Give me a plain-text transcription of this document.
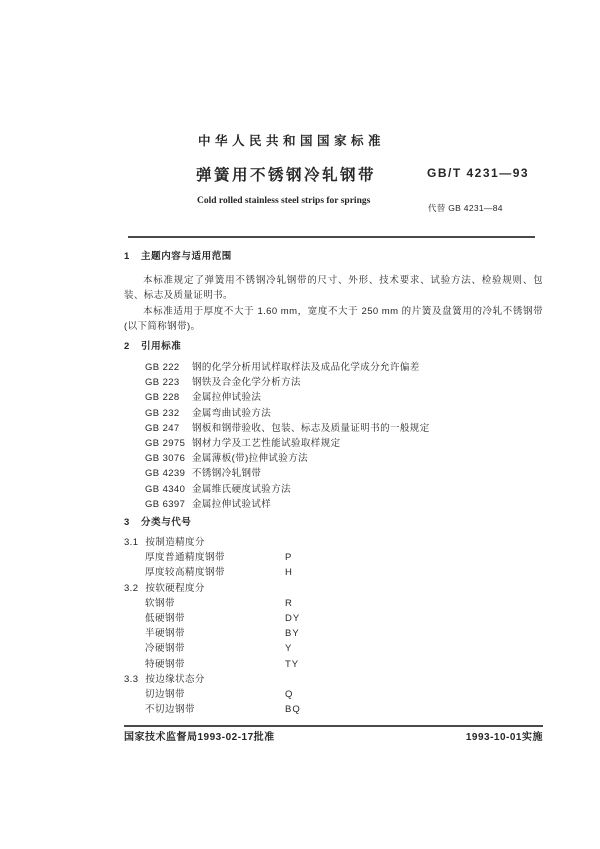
中华人民共和国国家标准
弹簧用不锈钢冷轧钢带	GB/T 4231—93
Cold rolled stainless steel strips for springs
代替 GB 4231—84
1 主题内容与适用范围

本标准规定了弹簧用不锈钢冷轧钢带的尺寸、外形、技术要求、试验方法、检验规则、包装、标志及质量证明书。

本标准适用于厚度不大于 1.60 mm，宽度不大于 250 mm 的片簧及盘簧用的冷轧不锈钢带(以下简称钢带)。

2 引用标准
GB 222 钢的化学分析用试样取样法及成品化学成分允许偏差
GB 223 钢铁及合金化学分析方法
GB 228 金属拉伸试验法
GB 232 金属弯曲试验方法
GB 247 钢板和钢带验收、包装、标志及质量证明书的一般规定
GB 2975 钢材力学及工艺性能试验取样规定
GB 3076 金属薄板(带)拉伸试验方法
GB 4239 不锈钢冷轧钢带
GB 4340 金属维氏硬度试验方法
GB 6397 金属拉伸试验试样
3 分类与代号
3.1 按制造精度分
厚度普通精度钢带	P
厚度较高精度钢带	H
3.2 按软硬程度分
软钢带	R
低硬钢带	DY
半硬钢带	BY
冷硬钢带	Y
特硬钢带	TY
3.3 按边缘状态分
切边钢带	Q
不切边钢带	BQ
国家技术监督局1993-02-17批准	1993-10-01实施
